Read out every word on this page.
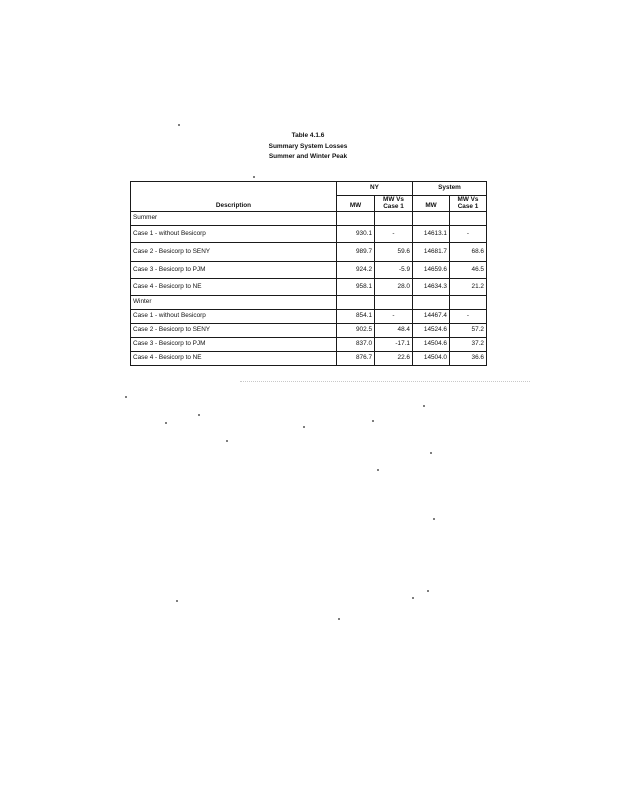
Table 4.1.6
Summary System Losses
Summer and Winter Peak
Description	NY		System	
	MW	MW Vs Case 1	MW	MW Vs Case 1
Summer				
Case 1 - without Besicorp	930.1	-	14613.1	-
Case 2 - Besicorp to SENY	989.7	59.6	14681.7	68.6
Case 3 - Besicorp to PJM	924.2	-5.9	14659.6	46.5
Case 4 - Besicorp to NE	958.1	28.0	14634.3	21.2
Winter				
Case 1 - without Besicorp	854.1	-	14467.4	-
Case 2 - Besicorp to SENY	902.5	48.4	14524.6	57.2
Case 3 - Besicorp to PJM	837.0	-17.1	14504.6	37.2
Case 4 - Besicorp to NE	876.7	22.6	14504.0	36.6
